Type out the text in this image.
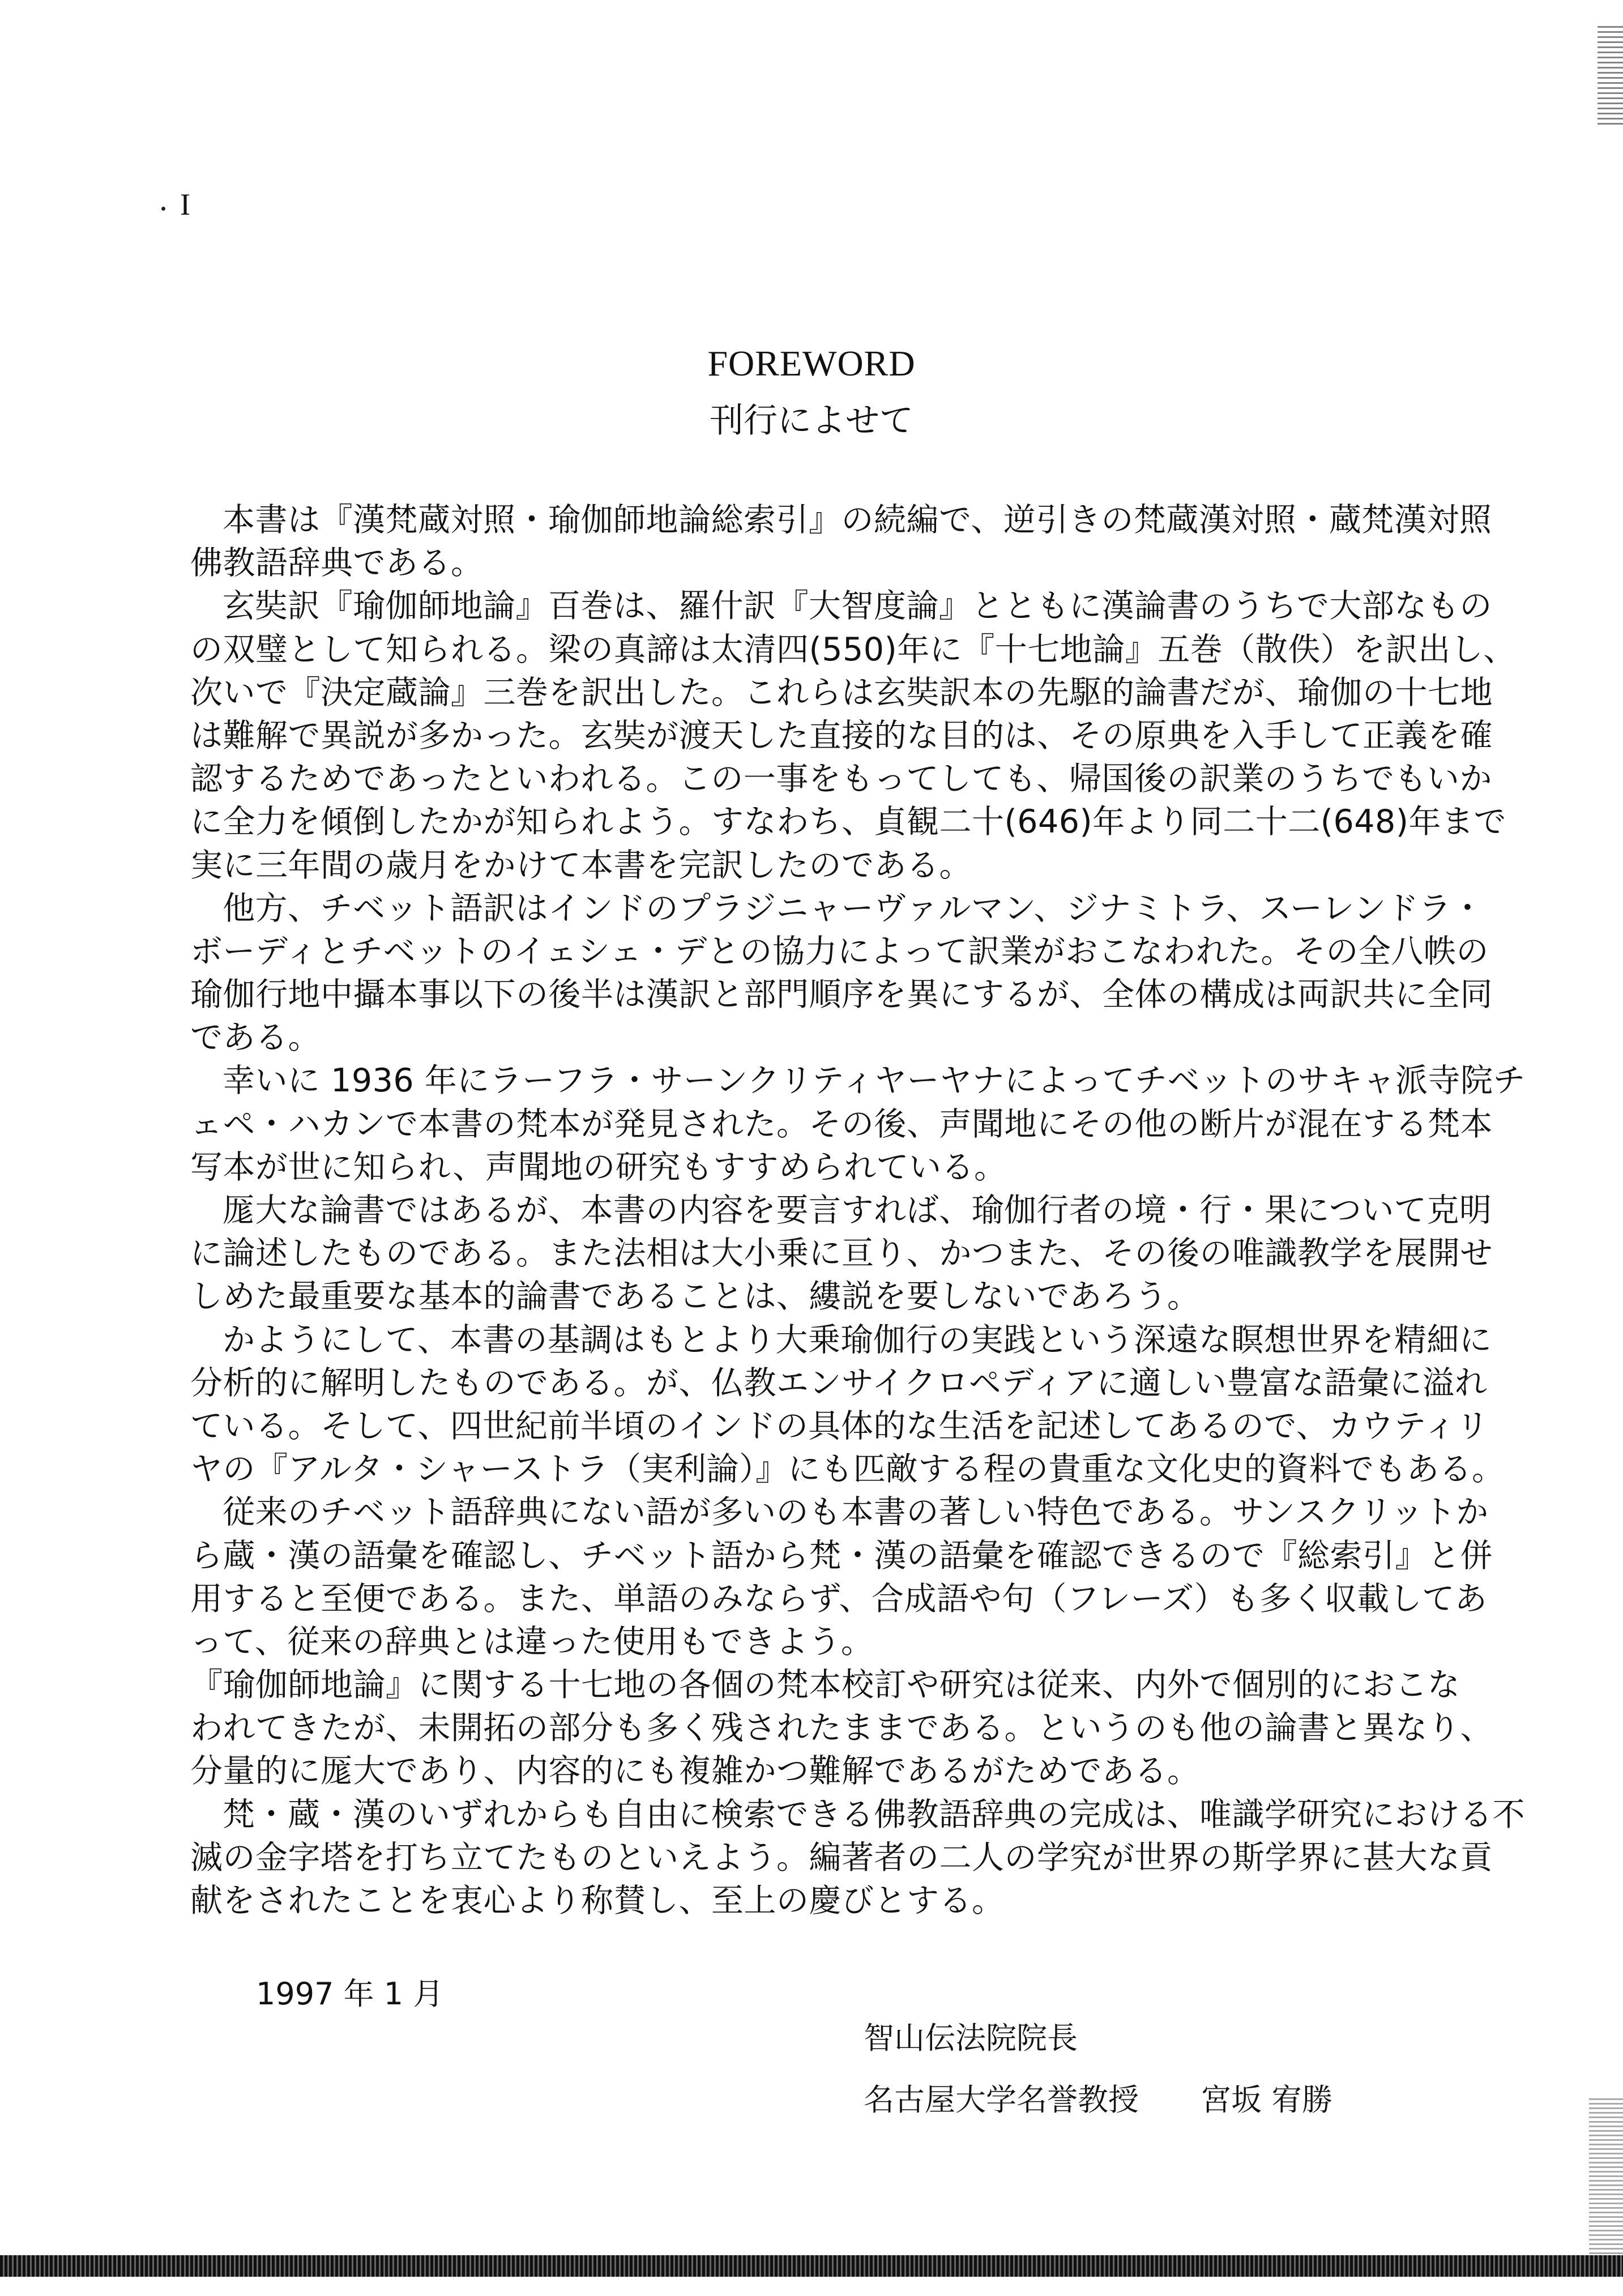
I
FOREWORD
刊行によせて
本書は『漢梵蔵対照・瑜伽師地論総索引』の続編で、逆引きの梵蔵漢対照・蔵梵漢対照
佛教語辞典である。
玄奘訳『瑜伽師地論』百巻は、羅什訳『大智度論』とともに漢論書のうちで大部なもの
の双璧として知られる。梁の真諦は太清四(550)年に『十七地論』五巻（散佚）を訳出し、
次いで『決定蔵論』三巻を訳出した。これらは玄奘訳本の先駆的論書だが、瑜伽の十七地
は難解で異説が多かった。玄奘が渡天した直接的な目的は、その原典を入手して正義を確
認するためであったといわれる。この一事をもってしても、帰国後の訳業のうちでもいか
に全力を傾倒したかが知られよう。すなわち、貞観二十(646)年より同二十二(648)年まで
実に三年間の歳月をかけて本書を完訳したのである。
他方、チベット語訳はインドのプラジニャーヴァルマン、ジナミトラ、スーレンドラ・
ボーディとチベットのイェシェ・デとの協力によって訳業がおこなわれた。その全八帙の
瑜伽行地中攝本事以下の後半は漢訳と部門順序を異にするが、全体の構成は両訳共に全同
である。
幸いに 1936 年にラーフラ・サーンクリティヤーヤナによってチベットのサキャ派寺院チ
ェペ・ハカンで本書の梵本が発見された。その後、声聞地にその他の断片が混在する梵本
写本が世に知られ、声聞地の研究もすすめられている。
厖大な論書ではあるが、本書の内容を要言すれば、瑜伽行者の境・行・果について克明
に論述したものである。また法相は大小乗に亘り、かつまた、その後の唯識教学を展開せ
しめた最重要な基本的論書であることは、縷説を要しないであろう。
かようにして、本書の基調はもとより大乗瑜伽行の実践という深遠な瞑想世界を精細に
分析的に解明したものである。が、仏教エンサイクロペディアに適しい豊富な語彙に溢れ
ている。そして、四世紀前半頃のインドの具体的な生活を記述してあるので、カウティリ
ヤの『アルタ・シャーストラ（実利論）』にも匹敵する程の貴重な文化史的資料でもある。
従来のチベット語辞典にない語が多いのも本書の著しい特色である。サンスクリットか
ら蔵・漢の語彙を確認し、チベット語から梵・漢の語彙を確認できるので『総索引』と併
用すると至便である。また、単語のみならず、合成語や句（フレーズ）も多く収載してあ
って、従来の辞典とは違った使用もできよう。
『瑜伽師地論』に関する十七地の各個の梵本校訂や研究は従来、内外で個別的におこな
われてきたが、未開拓の部分も多く残されたままである。というのも他の論書と異なり、
分量的に厖大であり、内容的にも複雑かつ難解であるがためである。
梵・蔵・漢のいずれからも自由に検索できる佛教語辞典の完成は、唯識学研究における不
滅の金字塔を打ち立てたものといえよう。編著者の二人の学究が世界の斯学界に甚大な貢
献をされたことを衷心より称賛し、至上の慶びとする。
1997 年 1 月
智山伝法院院長
名古屋大学名誉教授 宮坂 宥勝
